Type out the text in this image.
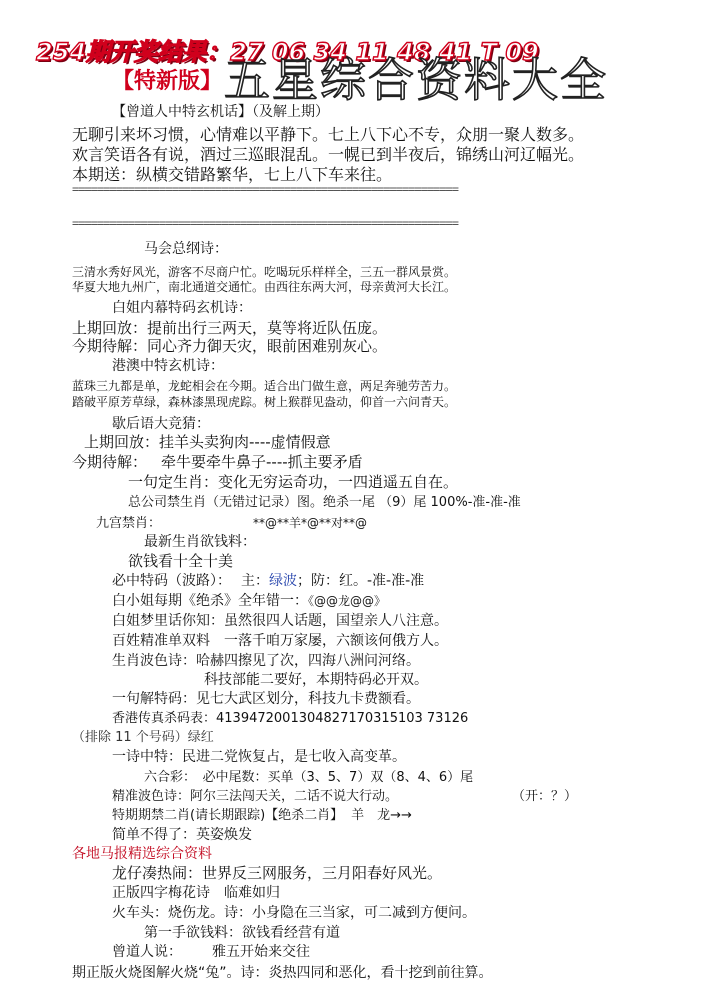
254期开奖结果：27 06 34 11 48 41 T 09
【特新版】 五星综合资料大全
【曾道人中特玄机话】（及解上期）
无聊引来坏习惯，心情难以平静下。七上八下心不专，众朋一聚人数多。
欢言笑语各有说，酒过三巡眼混乱。一幌已到半夜后，锦绣山河辽幅光。
本期送：纵横交错路繁华，七上八下车来往。
==============================================================
==============================================================
马会总纲诗：
三清水秀好风光，游客不尽商户忙。吃喝玩乐样样全，三五一群风景赏。
华夏大地九州广，南北通道交通忙。由西往东两大河，母亲黄河大长江。
白姐内幕特码玄机诗：
上期回放：提前出行三两天，莫等将近队伍庞。
今期待解：同心齐力御天灾，眼前困难别灰心。
港澳中特玄机诗：
蓝珠三九都是单，龙蛇相会在今期。适合出门做生意，两足奔驰劳苦力。
踏破平原芳草绿，森林漆黑现虎踪。树上猴群见盎动，仰首一六问青天。
歇后语大竞猜：
上期回放：挂羊头卖狗肉----虚情假意
今期待解： 牵牛要牵牛鼻子----抓主要矛盾
一句定生肖：变化无穷运奇功，一四逍遥五自在。
总公司禁生肖（无错过记录）图。绝杀一尾 （9）尾 100%-准-准-准
九宫禁肖：	**@**羊*@**对**@
最新生肖欲钱料：
欲钱看十全十美
必中特码（波路）： 主：绿波；防：红。-准-准-准
白小姐每期《绝杀》全年错一：《@@龙@@》
白姐梦里话你知：虽然很四人话题，国望亲人八注意。
百姓精准单双料　一落千咱万家屡，六额该何俄方人。
生肖波色诗：哈赫四擦见了次，四海八洲问河络。
科技部能二要好，本期特码必开双。
一句解特码：见七大武区划分，科技九卡费额看。
香港传真杀码表：4139472001304827170315103 73126
（排除 11 个号码）绿红
一诗中特：民进二党恢复占，是七收入高变革。
六合彩：　必中尾数：买单（3、5、7）双（8、4、6）尾
精准波色诗：阿尔三法闯天关，二话不说大行动。	（开：？）
特期期禁二肖(请长期跟踪)【绝杀二肖】 羊　龙→→
简单不得了：英姿焕发
各地马报精选综合资料
龙仔凑热闹：世界反三网服务，三月阳春好风光。
正版四字梅花诗　临难如归
火车头：烧伤龙。诗：小身隐在三当家，可二减到方便问。
第一手欲钱料：欲钱看经营有道
曾道人说： 雅五开始来交往
期正版火烧图解火烧“兔”。诗：炎热四同和恶化，看十挖到前往算。
